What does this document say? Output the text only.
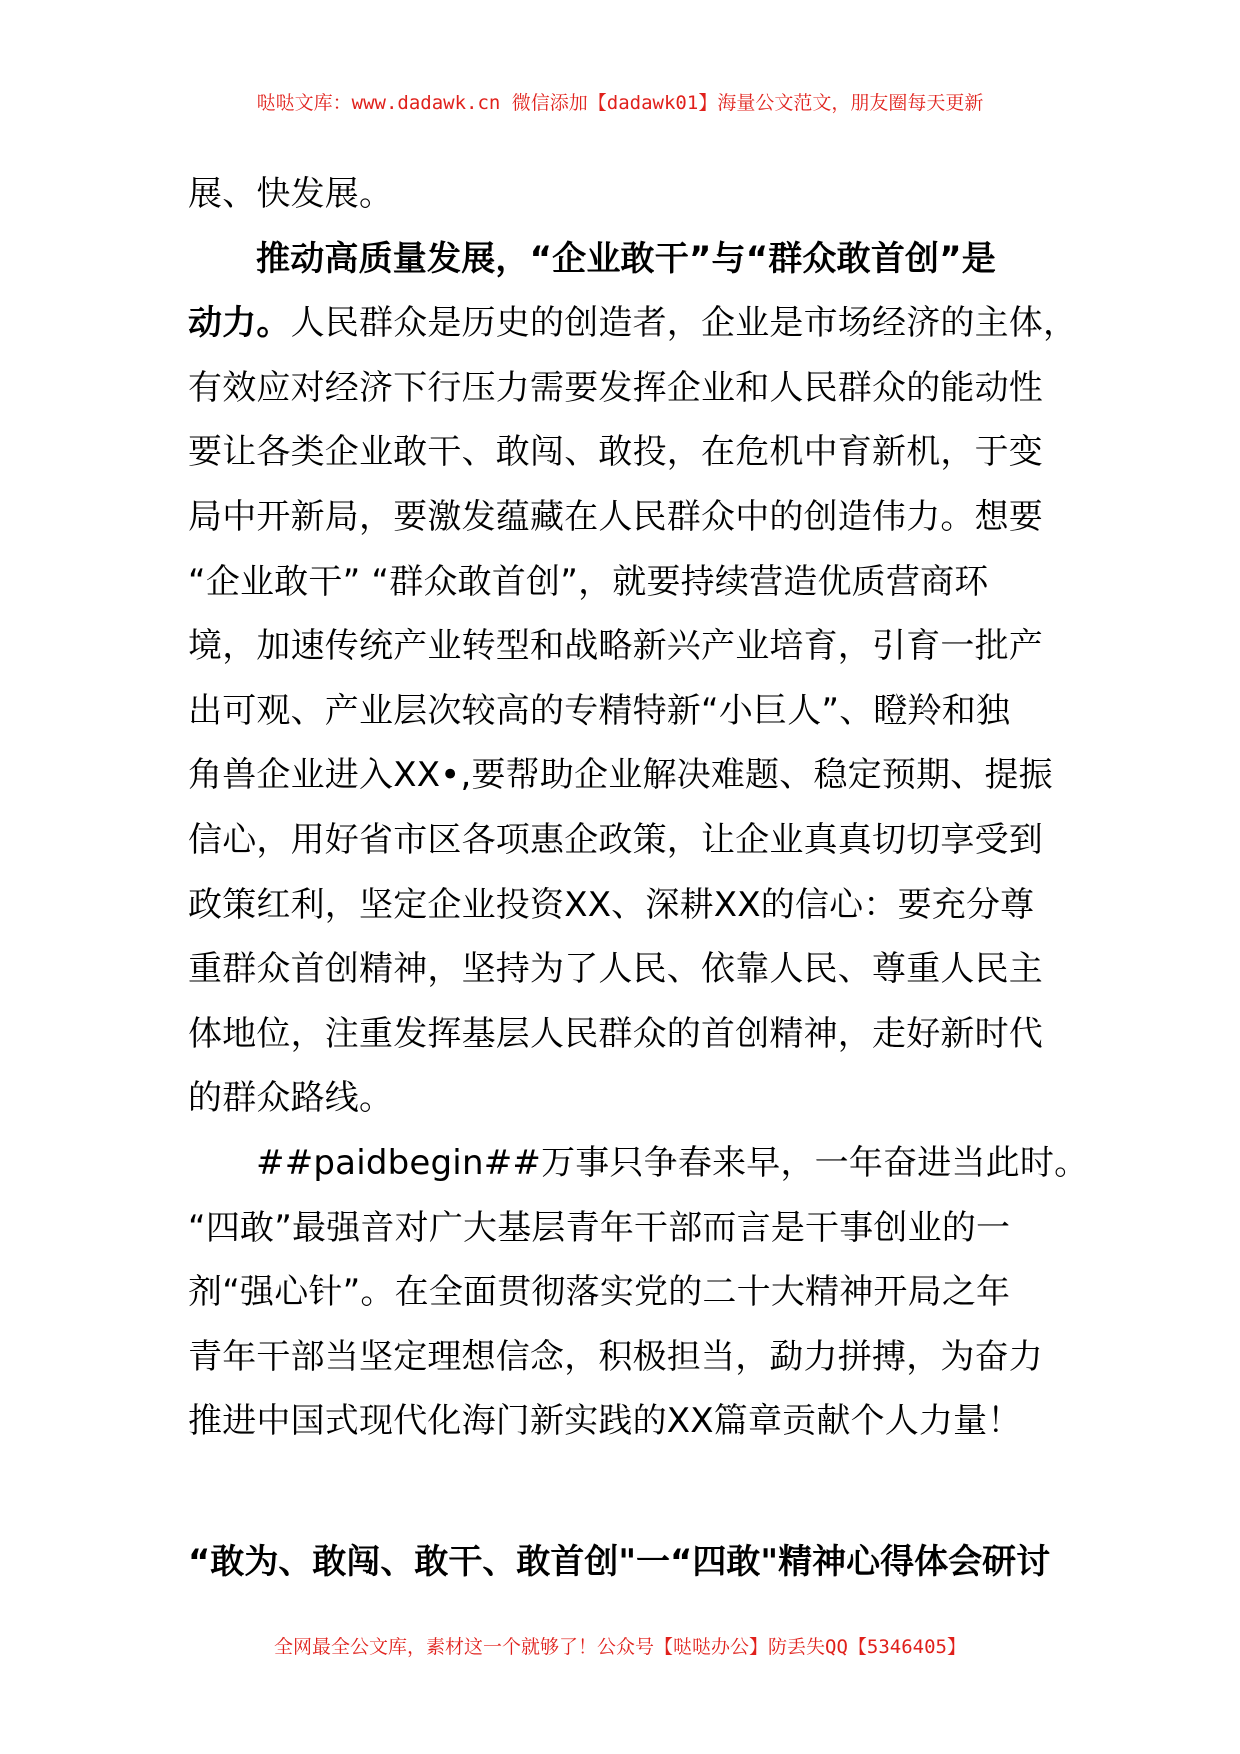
哒哒文库：www.dadawk.cn 微信添加【dadawk01】海量公文范文，朋友圈每天更新
展、快发展。
推动高质量发展，“企业敢干”与“群众敢首创”是
动力。人民群众是历史的创造者，企业是市场经济的主体，
有效应对经济下行压力需要发挥企业和人民群众的能动性
要让各类企业敢干、敢闯、敢投，在危机中育新机，于变
局中开新局，要激发蕴藏在人民群众中的创造伟力。想要
“企业敢干” “群众敢首创”，就要持续营造优质营商环
境，加速传统产业转型和战略新兴产业培育，引育一批产
出可观、产业层次较高的专精特新“小巨人”、瞪羚和独
角兽企业进入XX•,要帮助企业解决难题、稳定预期、提振
信心，用好省市区各项惠企政策，让企业真真切切享受到
政策红利，坚定企业投资XX、深耕XX的信心：要充分尊
重群众首创精神，坚持为了人民、依靠人民、尊重人民主
体地位，注重发挥基层人民群众的首创精神，走好新时代
的群众路线。
##paidbegin##万事只争春来早，一年奋进当此时。
“四敢”最强音对广大基层青年干部而言是干事创业的一
剂“强心针”。在全面贯彻落实党的二十大精神开局之年
青年干部当坚定理想信念，积极担当，勐力拼搏，为奋力
推进中国式现代化海门新实践的XX篇章贡献个人力量！
“敢为、敢闯、敢干、敢首创"一“四敢"精神心得体会研讨
全网最全公文库，素材这一个就够了！公众号【哒哒办公】防丢失QQ【5346405】
